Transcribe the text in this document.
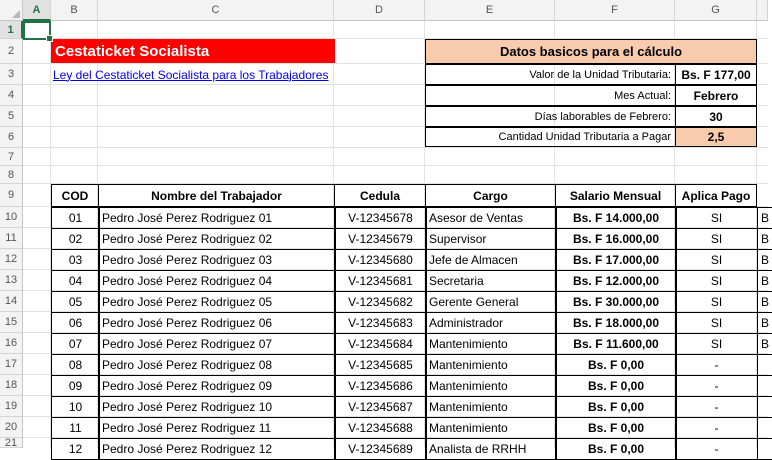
A	B	C	D	E	F	G
1
2
3
4
5
6
7
8
9
10
11
12
13
14
15
16
17
18
19
20
21
Cestaticket Socialista
Ley del Cestaticket Socialista para los Trabajadores
Datos basicos para el cálculo
Valor de la Unidad Tributaria: Bs. F 177,00
Mes Actual:	Febrero
Días laborables de Febrero:	30
Cantidad Unidad Tributaria a Pagar	2,5
COD	Nombre del Trabajador	Cedula	Cargo	Salario Mensual	Aplica Pago
01	Pedro José Perez Rodriguez 01	V-12345678	Asesor de Ventas	Bs. F 14.000,00	SI	B
02	Pedro José Perez Rodriguez 02	V-12345679	Supervisor	Bs. F 16.000,00	SI	B
03	Pedro José Perez Rodriguez 03	V-12345680	Jefe de Almacen	Bs. F 17.000,00	SI	B
04	Pedro José Perez Rodriguez 04	V-12345681	Secretaria	Bs. F 12.000,00	SI	B
05	Pedro José Perez Rodriguez 05	V-12345682	Gerente General	Bs. F 30.000,00	SI	B
06	Pedro José Perez Rodriguez 06	V-12345683	Administrador	Bs. F 18.000,00	SI	B
07	Pedro José Perez Rodriguez 07	V-12345684	Mantenimiento	Bs. F 11.600,00	SI	B
08	Pedro José Perez Rodriguez 08	V-12345685	Mantenimiento	Bs. F 0,00	-
09	Pedro José Perez Rodriguez 09	V-12345686	Mantenimiento	Bs. F 0,00	-
10	Pedro José Perez Rodriguez 10	V-12345687	Mantenimiento	Bs. F 0,00	-
11	Pedro José Perez Rodriguez 11	V-12345688	Mantenimiento	Bs. F 0,00	-
12	Pedro José Perez Rodriguez 12	V-12345689	Analista de RRHH	Bs. F 0,00	-
